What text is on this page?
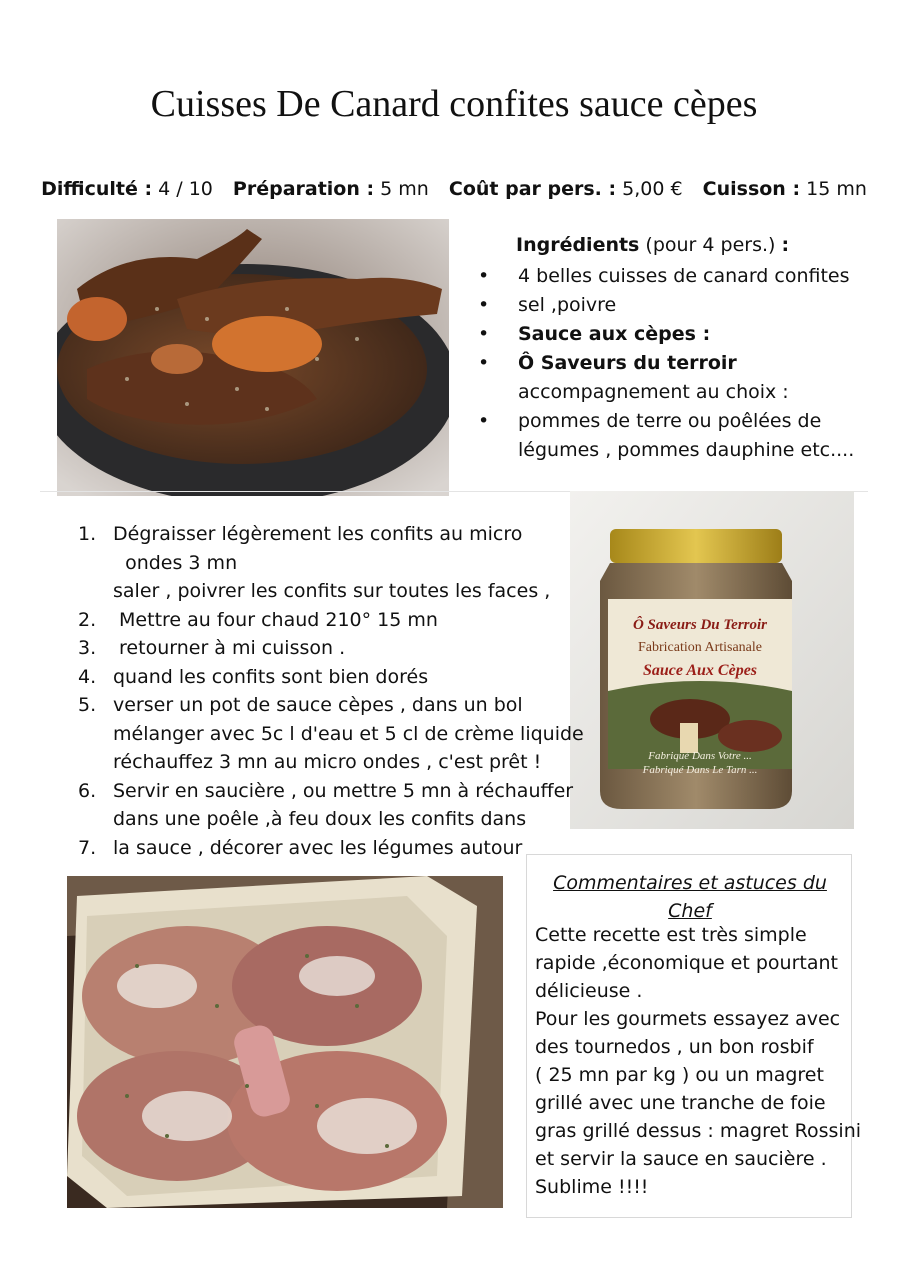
Cuisses De Canard confites sauce cèpes
Difficulté : 4 / 10 Préparation : 5 mn Coût par pers. : 5,00 € Cuisson : 15 mn
Ingrédients (pour 4 pers.) :
• 4 belles cuisses de canard confites
• sel ,poivre
• Sauce aux cèpes :
• Ô Saveurs du terroir
accompagnement au choix :
• pommes de terre ou poêlées de
légumes , pommes dauphine etc....
Ô Saveurs Du Terroir
Fabrication Artisanale
Sauce Aux Cèpes
Fabriqué Dans Votre ...
Fabriqué Dans Le Tarn ...
1. Dégraisser légèrement les confits au micro
ondes 3 mn
saler , poivrer les confits sur toutes les faces ,
2. Mettre au four chaud 210° 15 mn
3. retourner à mi cuisson .
4. quand les confits sont bien dorés
5. verser un pot de sauce cèpes , dans un bol
mélanger avec 5c l d'eau et 5 cl de crème liquide
réchauffez 3 mn au micro ondes , c'est prêt !
6. Servir en saucière , ou mettre 5 mn à réchauffer
dans une poêle ,à feu doux les confits dans
7. la sauce , décorer avec les légumes autour
Commentaires et astuces du
Chef
Cette recette est très simple
rapide ,économique et pourtant
délicieuse .
Pour les gourmets essayez avec
des tournedos , un bon rosbif
( 25 mn par kg ) ou un magret
grillé avec une tranche de foie
gras grillé dessus : magret Rossini
et servir la sauce en saucière .
Sublime !!!!
